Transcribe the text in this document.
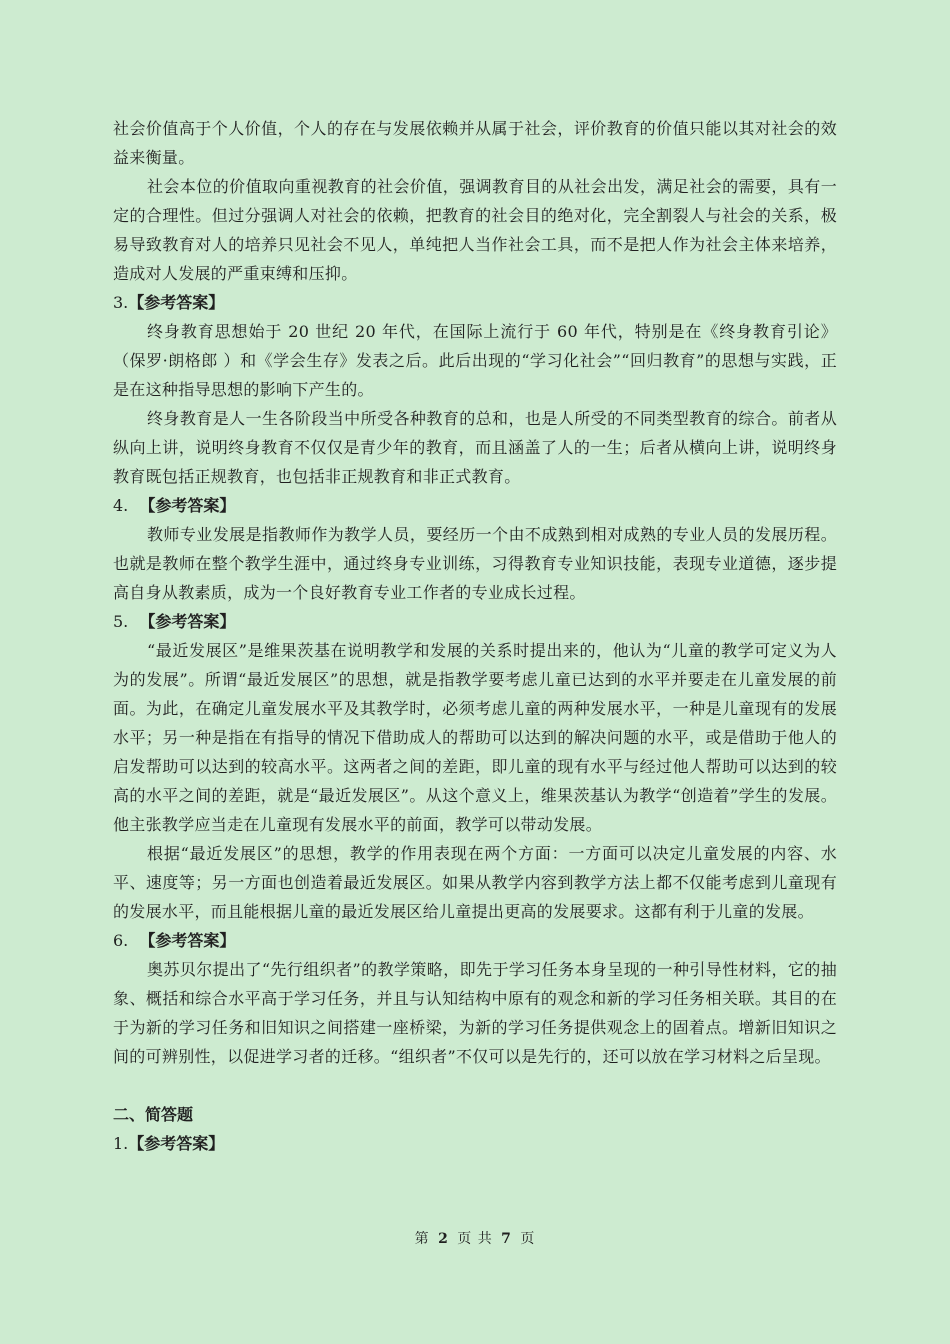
社会价值高于个人价值，个人的存在与发展依赖并从属于社会，评价教育的价值只能以其对社会的效益来衡量。

社会本位的价值取向重视教育的社会价值，强调教育目的从社会出发，满足社会的需要，具有一定的合理性。但过分强调人对社会的依赖，把教育的社会目的绝对化，完全割裂人与社会的关系，极易导致教育对人的培养只见社会不见人，单纯把人当作社会工具，而不是把人作为社会主体来培养，造成对人发展的严重束缚和压抑。

3.【参考答案】

终身教育思想始于 20 世纪 20 年代，在国际上流行于 60 年代，特别是在《终身教育引论》（保罗·朗格郎 ）和《学会生存》发表之后。此后出现的“学习化社会”“回归教育”的思想与实践，正是在这种指导思想的影响下产生的。

终身教育是人一生各阶段当中所受各种教育的总和，也是人所受的不同类型教育的综合。前者从纵向上讲，说明终身教育不仅仅是青少年的教育，而且涵盖了人的一生；后者从横向上讲，说明终身教育既包括正规教育，也包括非正规教育和非正式教育。

4. 【参考答案】

教师专业发展是指教师作为教学人员，要经历一个由不成熟到相对成熟的专业人员的发展历程。也就是教师在整个教学生涯中，通过终身专业训练，习得教育专业知识技能，表现专业道德，逐步提高自身从教素质，成为一个良好教育专业工作者的专业成长过程。

5. 【参考答案】

“最近发展区”是维果茨基在说明教学和发展的关系时提出来的，他认为“儿童的教学可定义为人为的发展”。所谓“最近发展区”的思想，就是指教学要考虑儿童已达到的水平并要走在儿童发展的前面。为此，在确定儿童发展水平及其教学时，必须考虑儿童的两种发展水平，一种是儿童现有的发展水平；另一种是指在有指导的情况下借助成人的帮助可以达到的解决问题的水平，或是借助于他人的启发帮助可以达到的较高水平。这两者之间的差距，即儿童的现有水平与经过他人帮助可以达到的较高的水平之间的差距，就是“最近发展区”。从这个意义上，维果茨基认为教学“创造着”学生的发展。他主张教学应当走在儿童现有发展水平的前面，教学可以带动发展。

根据“最近发展区”的思想，教学的作用表现在两个方面：一方面可以决定儿童发展的内容、水平、速度等；另一方面也创造着最近发展区。如果从教学内容到教学方法上都不仅能考虑到儿童现有的发展水平，而且能根据儿童的最近发展区给儿童提出更高的发展要求。这都有利于儿童的发展。

6. 【参考答案】

奥苏贝尔提出了“先行组织者”的教学策略，即先于学习任务本身呈现的一种引导性材料，它的抽象、概括和综合水平高于学习任务，并且与认知结构中原有的观念和新的学习任务相关联。其目的在于为新的学习任务和旧知识之间搭建一座桥梁，为新的学习任务提供观念上的固着点。增新旧知识之间的可辨别性，以促进学习者的迁移。“组织者”不仅可以是先行的，还可以放在学习材料之后呈现。

二、简答题

1.【参考答案】

第 2 页 共 7 页
